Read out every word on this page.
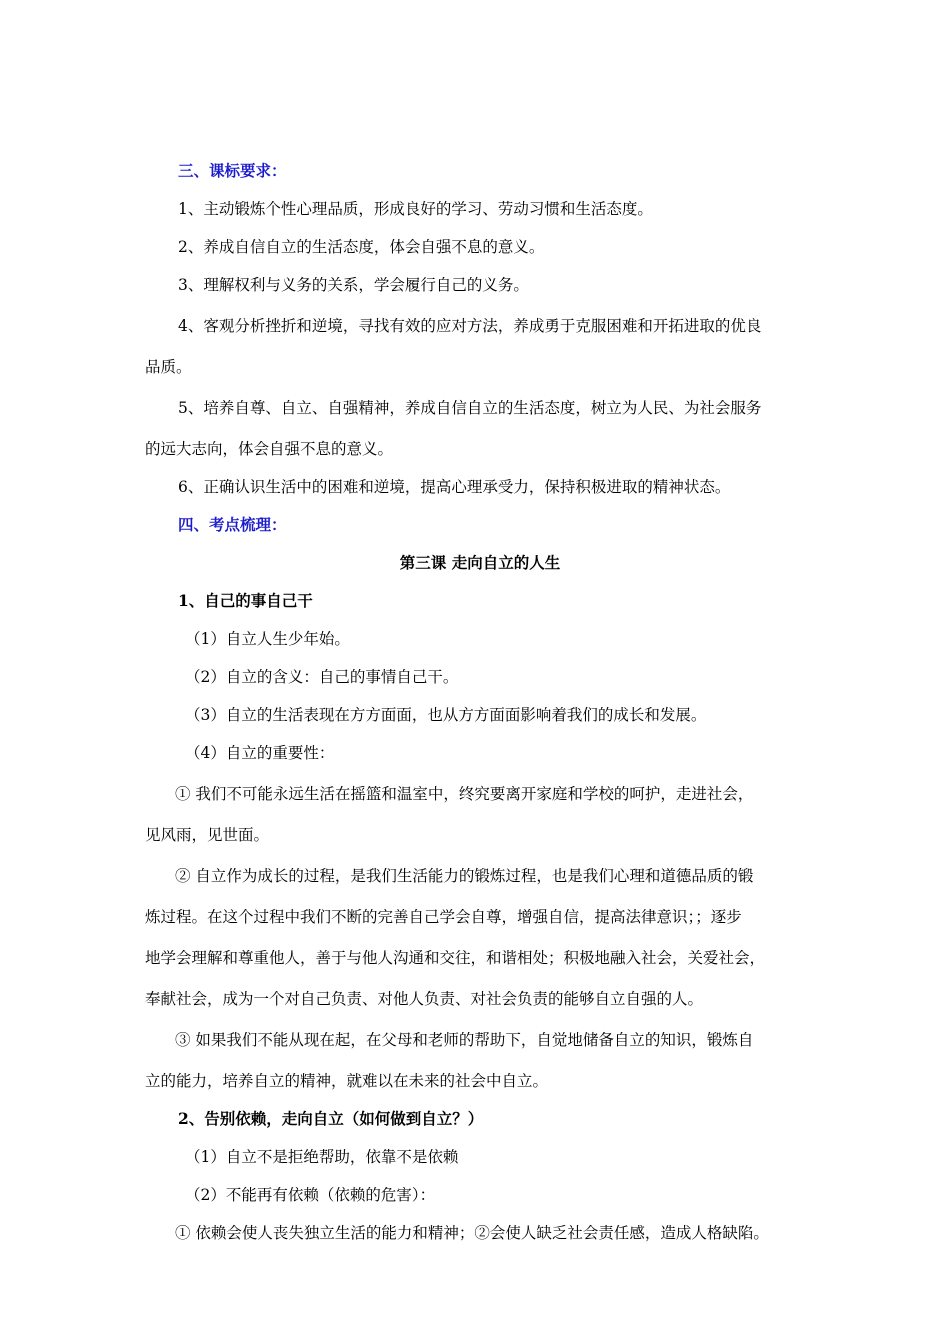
三、课标要求：

1、主动锻炼个性心理品质，形成良好的学习、劳动习惯和生活态度。

2、养成自信自立的生活态度，体会自强不息的意义。

3、理解权利与义务的关系，学会履行自己的义务。

4、客观分析挫折和逆境，寻找有效的应对方法，养成勇于克服困难和开拓进取的优良

品质。

5、培养自尊、自立、自强精神，养成自信自立的生活态度，树立为人民、为社会服务

的远大志向，体会自强不息的意义。

6、正确认识生活中的困难和逆境，提高心理承受力，保持积极进取的精神状态。

四、考点梳理：

第三课 走向自立的人生

1、自己的事自己干

（1）自立人生少年始。

（2）自立的含义：自己的事情自己干。

（3）自立的生活表现在方方面面，也从方方面面影响着我们的成长和发展。

（4）自立的重要性：

① 我们不可能永远生活在摇篮和温室中，终究要离开家庭和学校的呵护，走进社会，

见风雨，见世面。

② 自立作为成长的过程，是我们生活能力的锻炼过程，也是我们心理和道德品质的锻

炼过程。在这个过程中我们不断的完善自己学会自尊，增强自信，提高法律意识；；逐步

地学会理解和尊重他人，善于与他人沟通和交往，和谐相处；积极地融入社会，关爱社会，

奉献社会，成为一个对自己负责、对他人负责、对社会负责的能够自立自强的人。

③ 如果我们不能从现在起，在父母和老师的帮助下，自觉地储备自立的知识，锻炼自

立的能力，培养自立的精神，就难以在未来的社会中自立。

2、告别依赖，走向自立（如何做到自立？）

（1）自立不是拒绝帮助，依靠不是依赖

（2）不能再有依赖（依赖的危害）：

① 依赖会使人丧失独立生活的能力和精神；②会使人缺乏社会责任感，造成人格缺陷。
